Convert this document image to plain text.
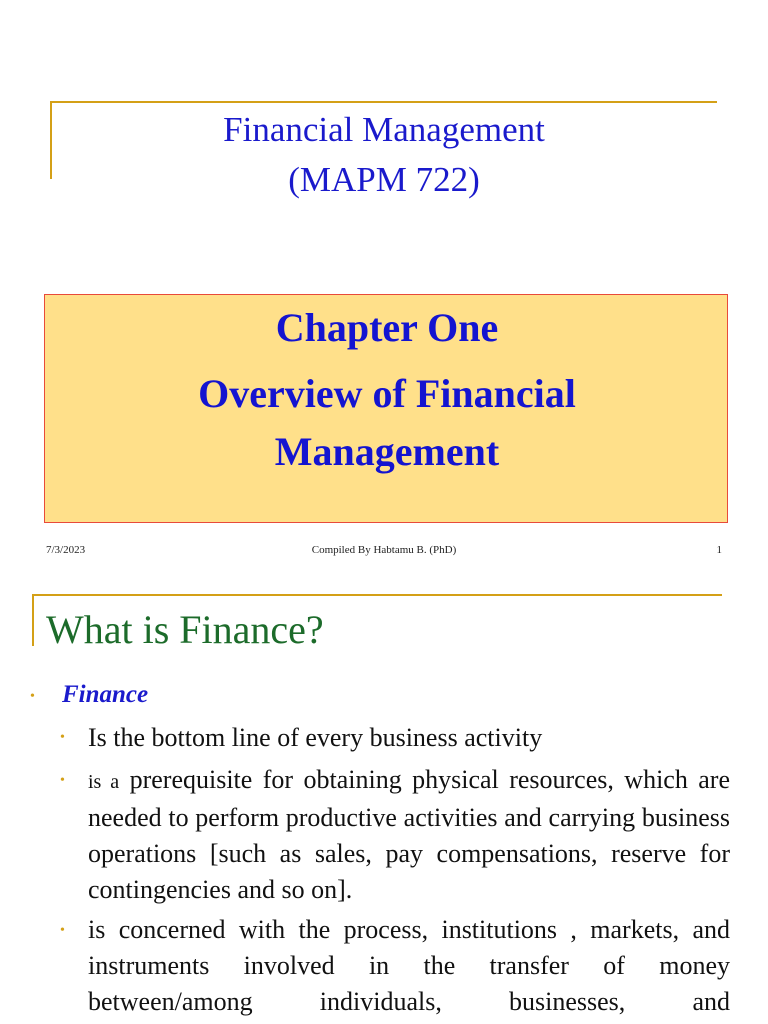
Financial Management
(MAPM 722)
Chapter One
Overview of Financial
Management
7/3/2023	Compiled By Habtamu B. (PhD)	1
What is Finance?
• Finance
• Is the bottom line of every business activity
• is a prerequisite for obtaining physical resources, which are needed to perform productive activities and carrying business operations [such as sales, pay compensations, reserve for contingencies and so on].
• is concerned with the process, institutions , markets, and instruments involved in the transfer of money between/among individuals, businesses, and
